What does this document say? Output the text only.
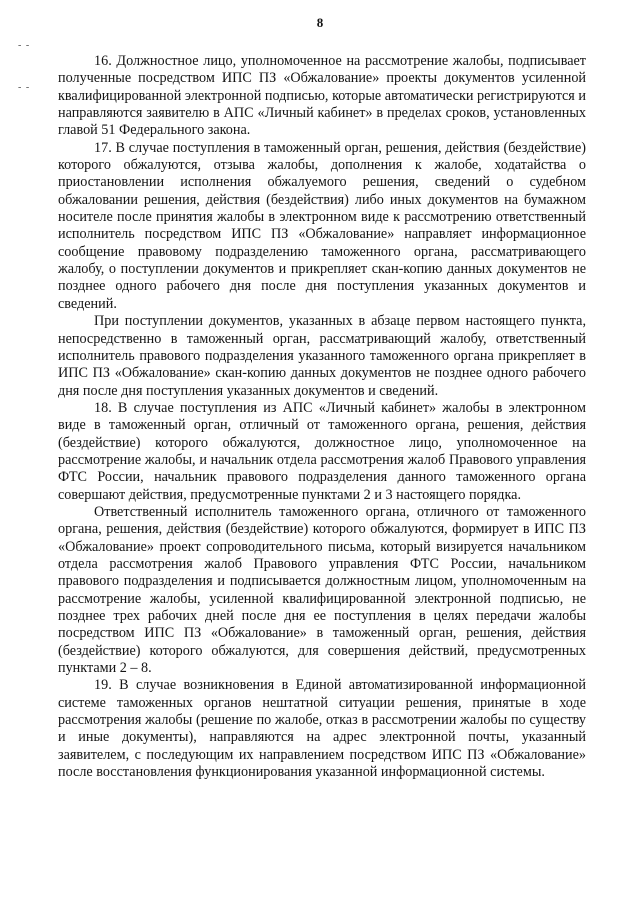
8
- -
- -

16. Должностное лицо, уполномоченное на рассмотрение жалобы, подписывает полученные посредством ИПС ПЗ «Обжалование» проекты документов усиленной квалифицированной электронной подписью, которые автоматически регистрируются и направляются заявителю в АПС «Личный кабинет» в пределах сроков, установленных главой 51 Федерального закона.

17. В случае поступления в таможенный орган, решения, действия (бездействие) которого обжалуются, отзыва жалобы, дополнения к жалобе, ходатайства о приостановлении исполнения обжалуемого решения, сведений о судебном обжаловании решения, действия (бездействия) либо иных документов на бумажном носителе после принятия жалобы в электронном виде к рассмотрению ответственный исполнитель посредством ИПС ПЗ «Обжалование» направляет информационное сообщение правовому подразделению таможенного органа, рассматривающего жалобу, о поступлении документов и прикрепляет скан-копию данных документов не позднее одного рабочего дня после дня поступления указанных документов и сведений.

При поступлении документов, указанных в абзаце первом настоящего пункта, непосредственно в таможенный орган, рассматривающий жалобу, ответственный исполнитель правового подразделения указанного таможенного органа прикрепляет в ИПС ПЗ «Обжалование» скан-копию данных документов не позднее одного рабочего дня после дня поступления указанных документов и сведений.

18. В случае поступления из АПС «Личный кабинет» жалобы в электронном виде в таможенный орган, отличный от таможенного органа, решения, действия (бездействие) которого обжалуются, должностное лицо, уполномоченное на рассмотрение жалобы, и начальник отдела рассмотрения жалоб Правового управления ФТС России, начальник правового подразделения данного таможенного органа совершают действия, предусмотренные пунктами 2 и 3 настоящего порядка.

Ответственный исполнитель таможенного органа, отличного от таможенного органа, решения, действия (бездействие) которого обжалуются, формирует в ИПС ПЗ «Обжалование» проект сопроводительного письма, который визируется начальником отдела рассмотрения жалоб Правового управления ФТС России, начальником правового подразделения и подписывается должностным лицом, уполномоченным на рассмотрение жалобы, усиленной квалифицированной электронной подписью, не позднее трех рабочих дней после дня ее поступления в целях передачи жалобы посредством ИПС ПЗ «Обжалование» в таможенный орган, решения, действия (бездействие) которого обжалуются, для совершения действий, предусмотренных пунктами 2 – 8.

19. В случае возникновения в Единой автоматизированной информационной системе таможенных органов нештатной ситуации решения, принятые в ходе рассмотрения жалобы (решение по жалобе, отказ в рассмотрении жалобы по существу и иные документы), направляются на адрес электронной почты, указанный заявителем, с последующим их направлением посредством ИПС ПЗ «Обжалование» после восстановления функционирования указанной информационной системы.
